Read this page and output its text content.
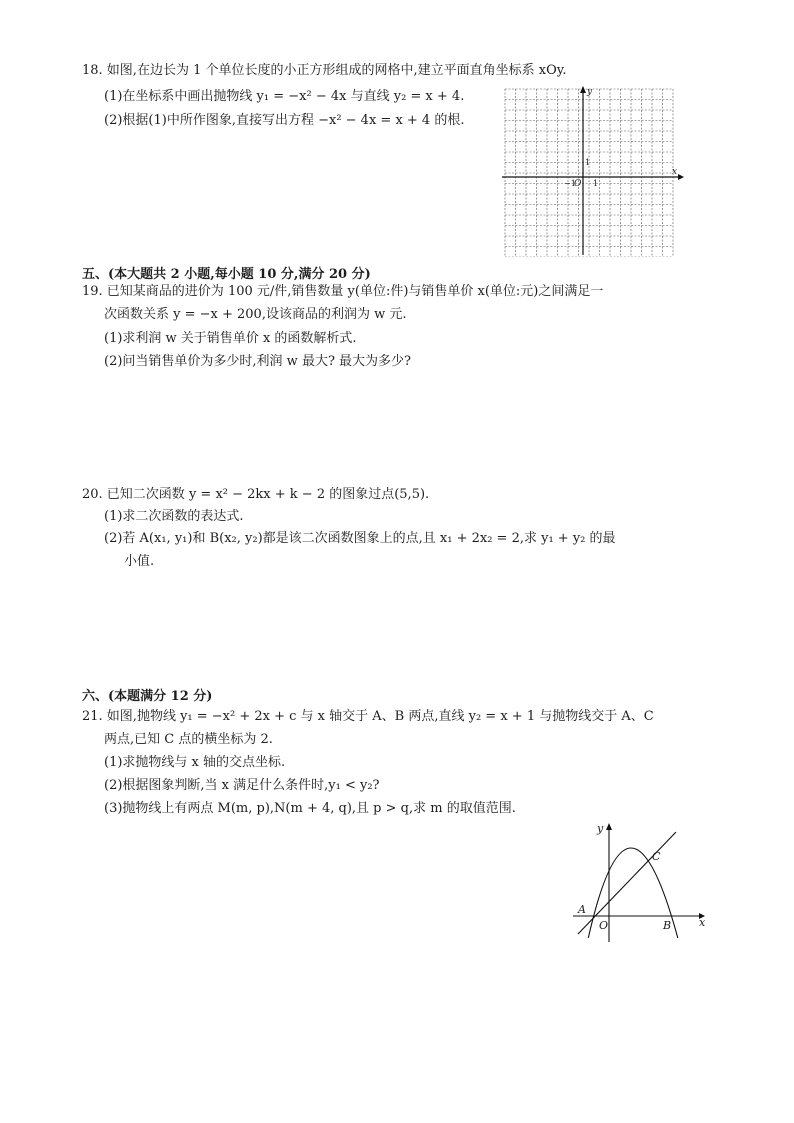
18. 如图,在边长为 1 个单位长度的小正方形组成的网格中,建立平面直角坐标系 xOy.
(1)在坐标系中画出抛物线 y₁ = −x² − 4x 与直线 y₂ = x + 4.
(2)根据(1)中所作图象,直接写出方程 −x² − 4x = x + 4 的根.
y
x
O
−1 1
1
五、(本大题共 2 小题,每小题 10 分,满分 20 分)
19. 已知某商品的进价为 100 元/件,销售数量 y(单位:件)与销售单价 x(单位:元)之间满足一
次函数关系 y = −x + 200,设该商品的利润为 w 元.
(1)求利润 w 关于销售单价 x 的函数解析式.
(2)问当销售单价为多少时,利润 w 最大? 最大为多少?
20. 已知二次函数 y = x² − 2kx + k − 2 的图象过点(5,5).
(1)求二次函数的表达式.
(2)若 A(x₁, y₁)和 B(x₂, y₂)都是该二次函数图象上的点,且 x₁ + 2x₂ = 2,求 y₁ + y₂ 的最
小值.
六、(本题满分 12 分)
21. 如图,抛物线 y₁ = −x² + 2x + c 与 x 轴交于 A、B 两点,直线 y₂ = x + 1 与抛物线交于 A、C
两点,已知 C 点的横坐标为 2.
(1)求抛物线与 x 轴的交点坐标.
(2)根据图象判断,当 x 满足什么条件时,y₁ < y₂?
(3)抛物线上有两点 M(m, p),N(m + 4, q),且 p > q,求 m 的取值范围.
y
x
A
O	B
C
